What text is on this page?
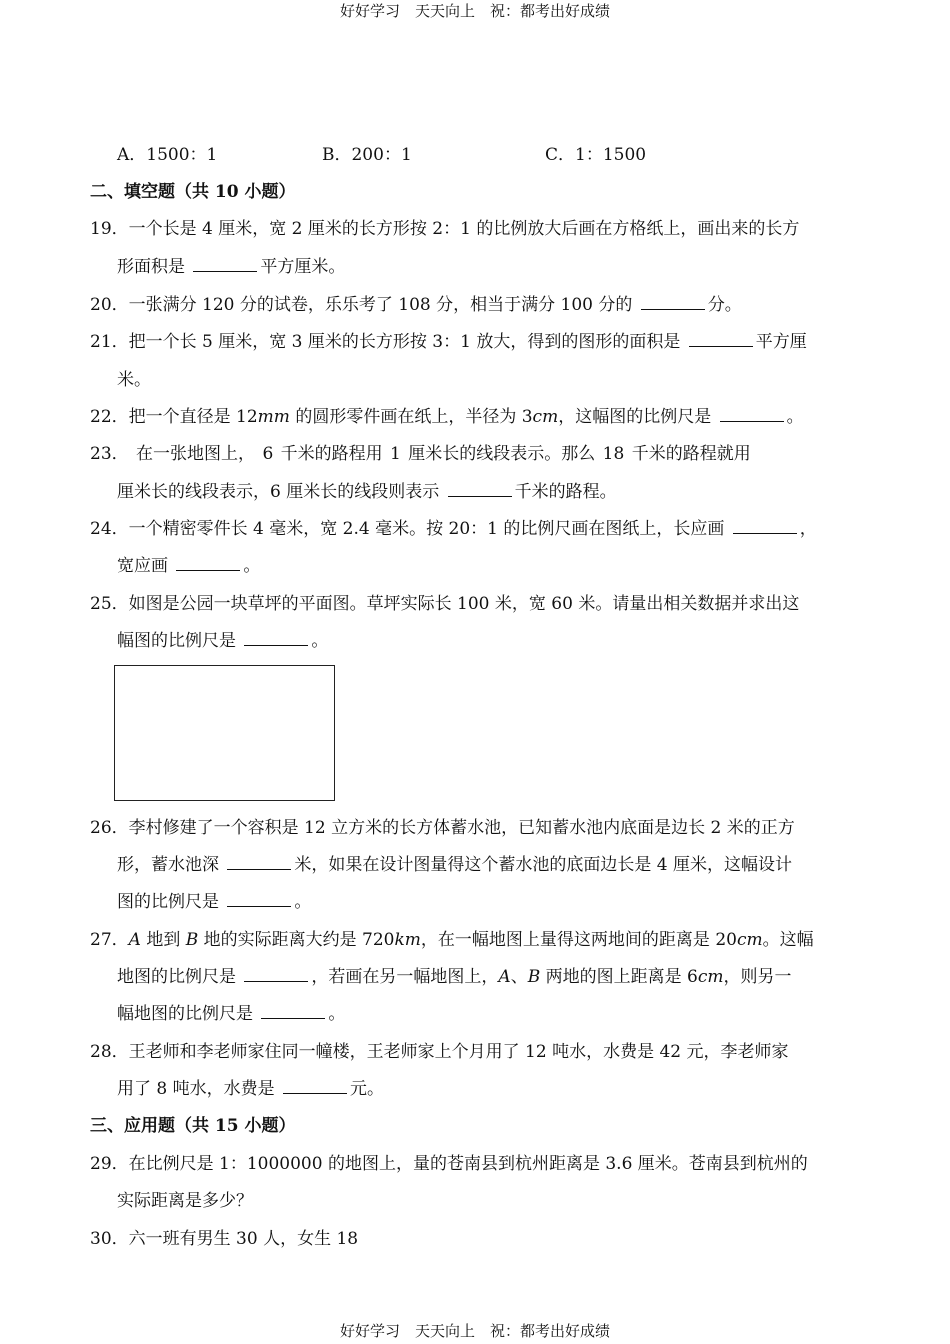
好好学习　天天向上　祝：都考出好成绩
A．1500：1	B．200：1	C．1：1500
二、填空题（共 10 小题）
19．一个长是 4 厘米，宽 2 厘米的长方形按 2：1 的比例放大后画在方格纸上，画出来的长方
形面积是	平方厘米。
20．一张满分 120 分的试卷，乐乐考了 108 分，相当于满分 100 分的	分。
21．把一个长 5 厘米，宽 3 厘米的长方形按 3：1 放大，得到的图形的面积是	平方厘
米。
22．把一个直径是 12mm 的圆形零件画在纸上，半径为 3cm，这幅图的比例尺是	。
23． 在一张地图上， 6 千米的路程用 1 厘米长的线段表示。那么 18 千米的路程就用
厘米长的线段表示，6 厘米长的线段则表示	千米的路程。
24．一个精密零件长 4 毫米，宽 2.4 毫米。按 20：1 的比例尺画在图纸上，长应画	，
宽应画	。
25．如图是公园一块草坪的平面图。草坪实际长 100 米，宽 60 米。请量出相关数据并求出这
幅图的比例尺是	。
26．李村修建了一个容积是 12 立方米的长方体蓄水池，已知蓄水池内底面是边长 2 米的正方
形，蓄水池深	米，如果在设计图量得这个蓄水池的底面边长是 4 厘米，这幅设计
图的比例尺是	。
27．A 地到 B 地的实际距离大约是 720km，在一幅地图上量得这两地间的距离是 20cm。这幅
地图的比例尺是	，若画在另一幅地图上，A、B 两地的图上距离是 6cm，则另一
幅地图的比例尺是	。
28．王老师和李老师家住同一幢楼，王老师家上个月用了 12 吨水，水费是 42 元，李老师家
用了 8 吨水，水费是	元。
三、应用题（共 15 小题）
29．在比例尺是 1：1000000 的地图上，量的苍南县到杭州距离是 3.6 厘米。苍南县到杭州的
实际距离是多少？
30．六一班有男生 30 人，女生 18
好好学习　天天向上　祝：都考出好成绩
